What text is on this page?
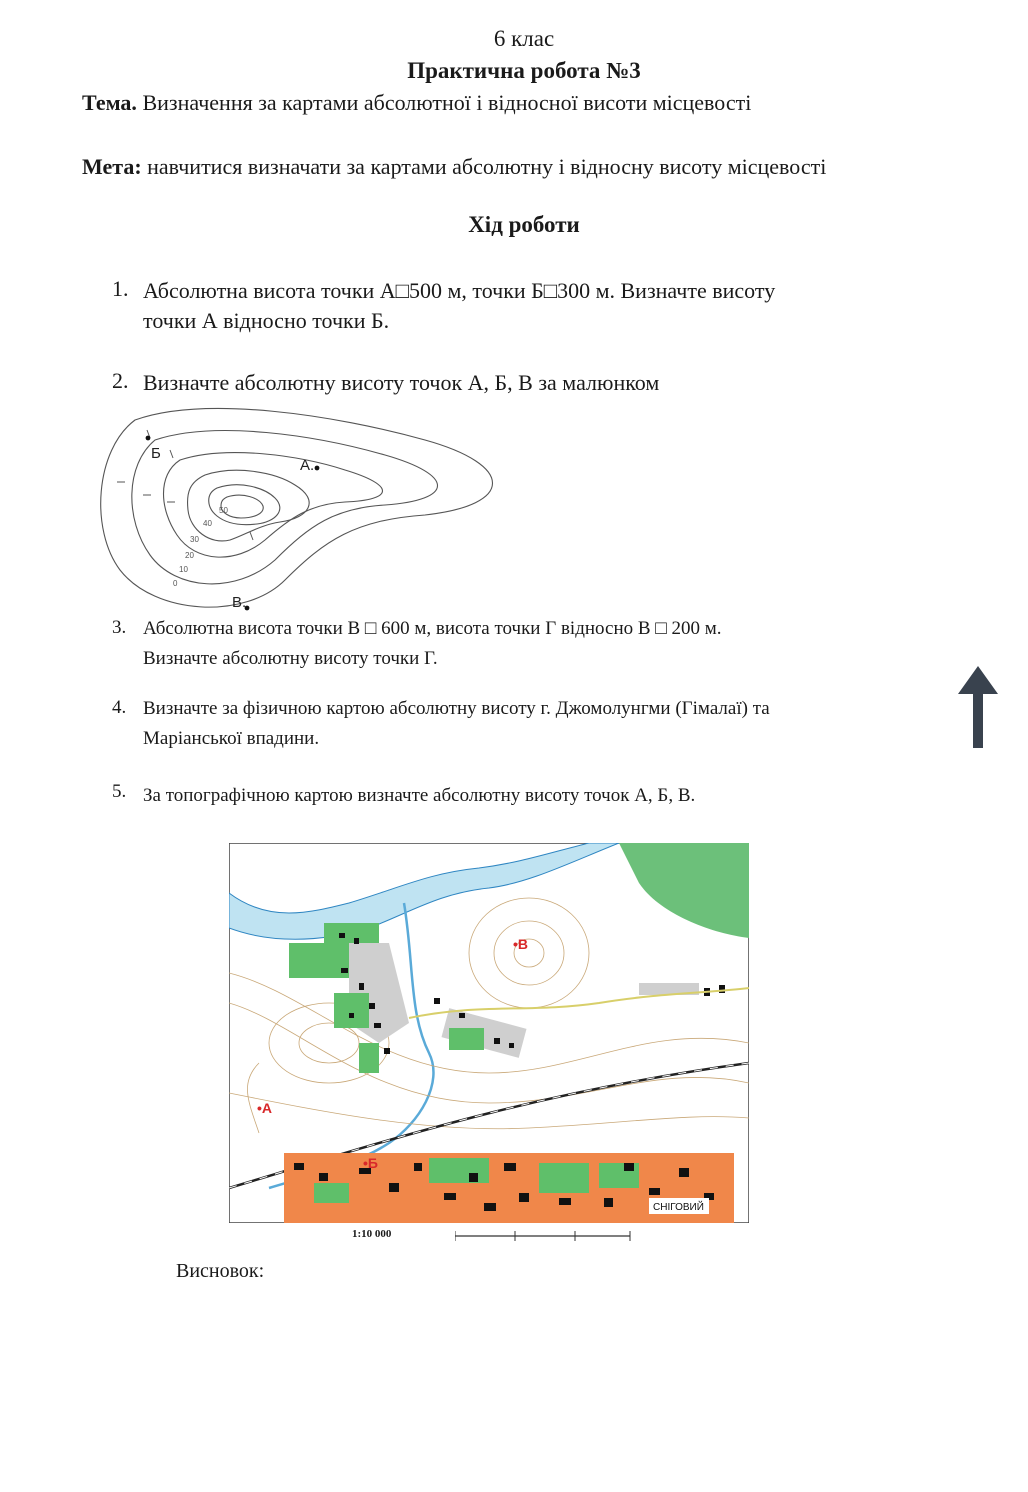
6 клас
Практична робота №3
Тема. Визначення за картами абсолютної і відносної висоти місцевості
Мета: навчитися визначати за картами абсолютну і відносну висоту місцевості
Хід роботи
1. Абсолютна висота точки А□500 м, точки Б□300 м. Визначте висоту
точки А відносно точки Б.
2. Визначте абсолютну висоту точок А, Б, В за малюнком
50
40
30
20
10
0
Б
А.
В.
3. Абсолютна висота точки В □ 600 м, висота точки Г відносно В □ 200 м.
Визначте абсолютну висоту точки Г.
4. Визначте за фізичною картою абсолютну висоту г. Джомолунгми (Гімалаї) та
Маріанської впадини.
5. За топографічною картою визначте абсолютну висоту точок А, Б, В.
СНІГОВИЙ
•А
•Б
•В
1:10 000
Висновок:
